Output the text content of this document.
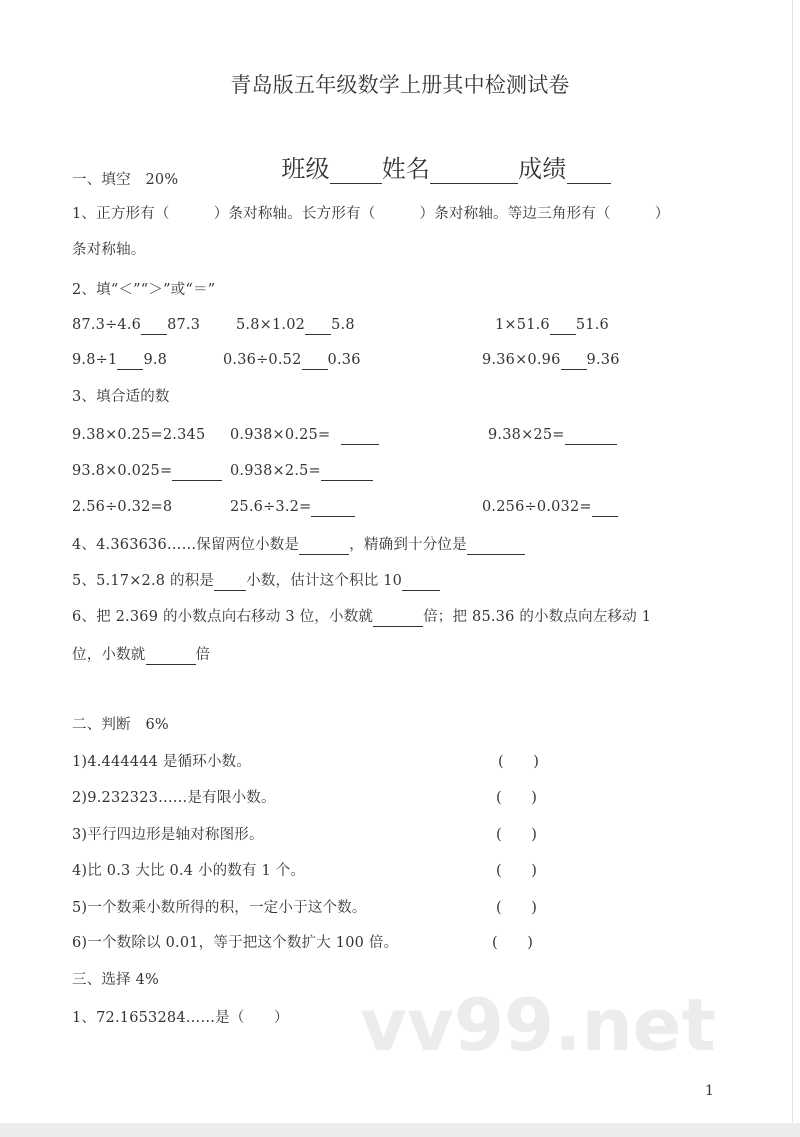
青岛版五年级数学上册其中检测试卷

班级 姓名	成绩

一、填空　20%
1、正方形有（　　　）条对称轴。长方形有（　　　）条对称轴。等边三角形有（　　　）
条对称轴。
2、填“＜”“＞”或“＝”
87.3÷4.6 87.3 5.8×1.02 5.8	1×51.6 51.6
9.8÷1 9.8	0.36÷0.52 0.36	9.36×0.96 9.36
3、填合适的数
9.38×0.25=2.345 0.938×0.25=	9.38×25=
93.8×0.025=	0.938×2.5=
2.56÷0.32=8	25.6÷3.2=	0.256÷0.032=
4、4.363636……保留两位小数是	，精确到十分位是
5、5.17×2.8 的积是 小数，估计这个积比 10
6、把 2.369 的小数点向右移动 3 位，小数就	倍；把 85.36 的小数点向左移动 1
位，小数就	倍
二、判断　6%
1)4.444444 是循环小数。	(　　)
2)9.232323……是有限小数。	(　　)
3)平行四边形是轴对称图形。	(　　)
4)比 0.3 大比 0.4 小的数有 1 个。	(　　)
5)一个数乘小数所得的积，一定小于这个数。	(　　)
6)一个数除以 0.01，等于把这个数扩大 100 倍。	(　　)
三、选择 4%
1、72.1653284……是（　　） vv99.net
1
